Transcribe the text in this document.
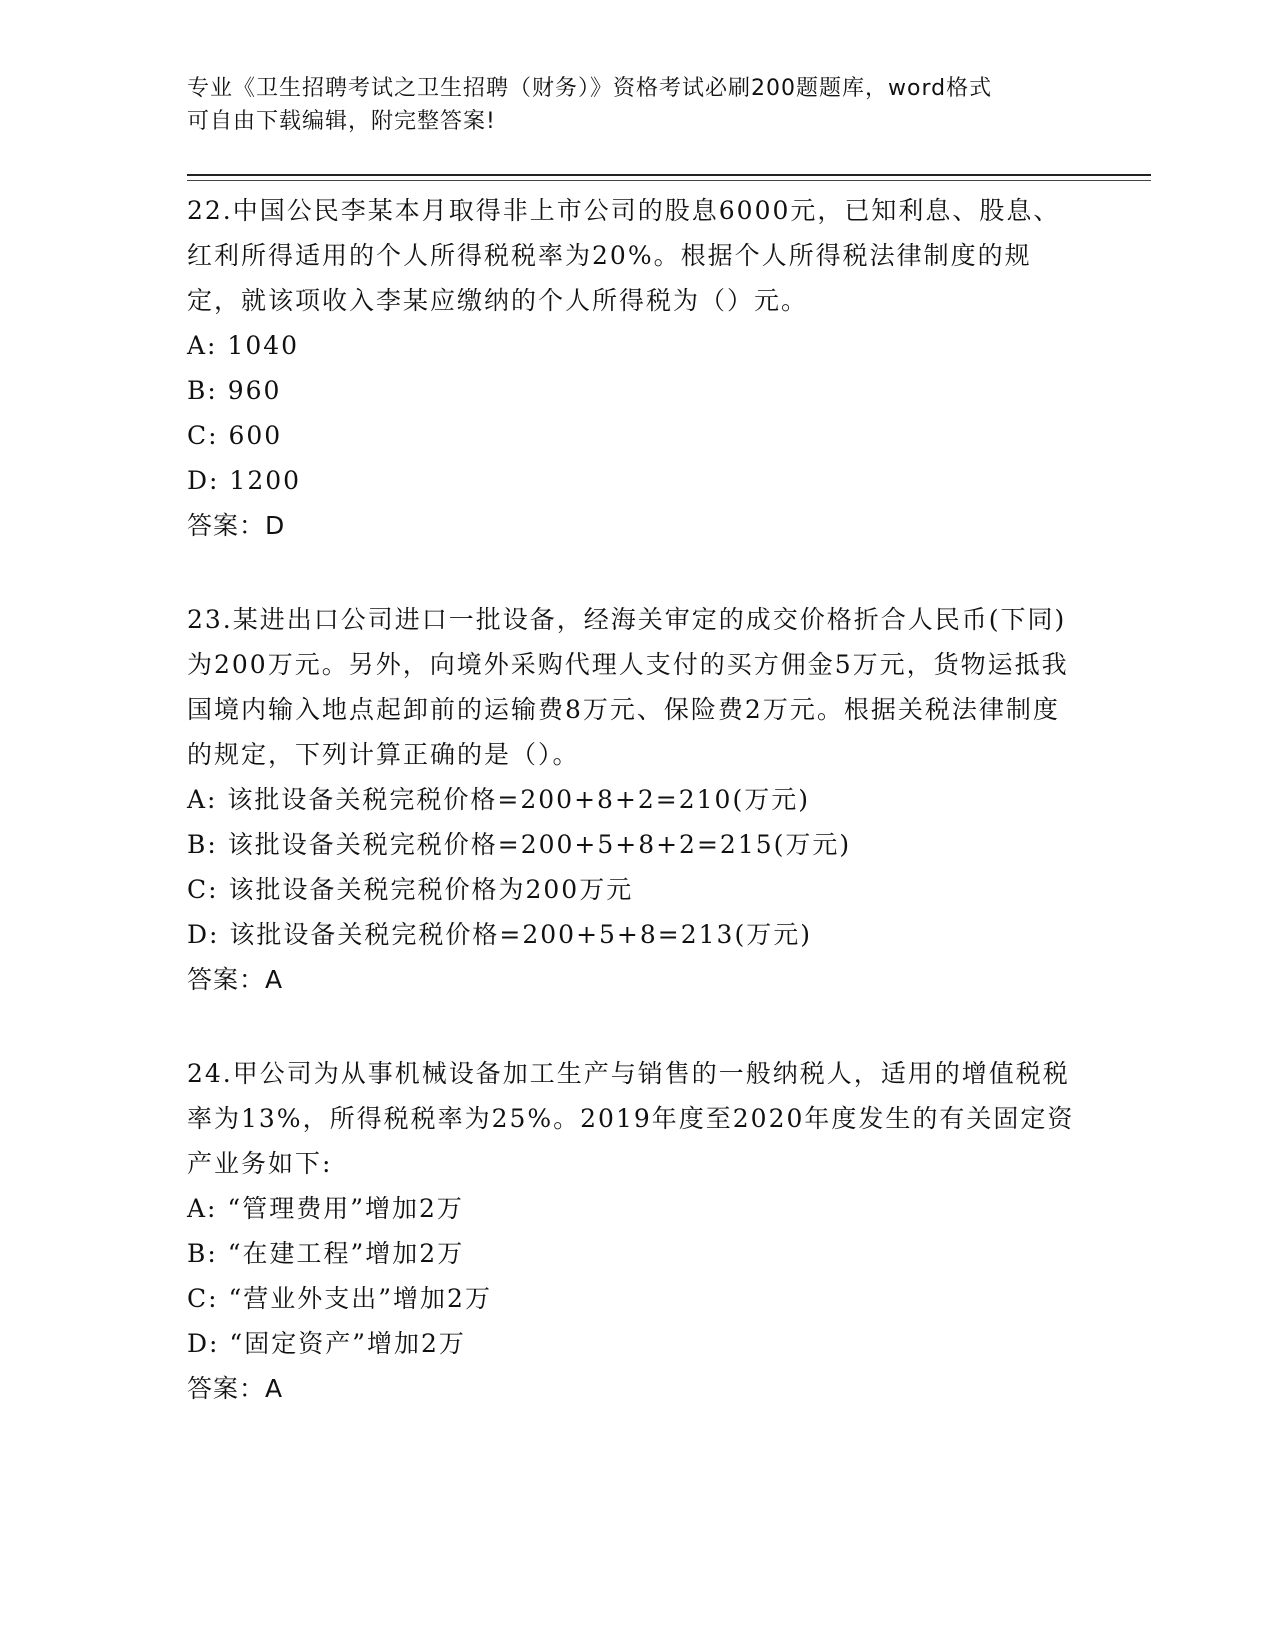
专业《卫生招聘考试之卫生招聘（财务）》资格考试必刷200题题库，word格式
可自由下载编辑，附完整答案!

22.中国公民李某本月取得非上市公司的股息6000元，已知利息、股息、红利所得适用的个人所得税税率为20%。根据个人所得税法律制度的规定，就该项收入李某应缴纳的个人所得税为（）元。

A: 1040

B: 960

C: 600

D: 1200

答案：D

23.某进出口公司进口一批设备，经海关审定的成交价格折合人民币(下同)为200万元。另外，向境外采购代理人支付的买方佣金5万元，货物运抵我国境内输入地点起卸前的运输费8万元、保险费2万元。根据关税法律制度的规定，下列计算正确的是（）。

A: 该批设备关税完税价格=200+8+2=210(万元)

B: 该批设备关税完税价格=200+5+8+2=215(万元)

C: 该批设备关税完税价格为200万元

D: 该批设备关税完税价格=200+5+8=213(万元)

答案：A

24.甲公司为从事机械设备加工生产与销售的一般纳税人，适用的增值税税率为13%，所得税税率为25%。2019年度至2020年度发生的有关固定资产业务如下:

A: “管理费用”增加2万

B: “在建工程”增加2万

C: “营业外支出”增加2万

D: “固定资产”增加2万

答案：A
